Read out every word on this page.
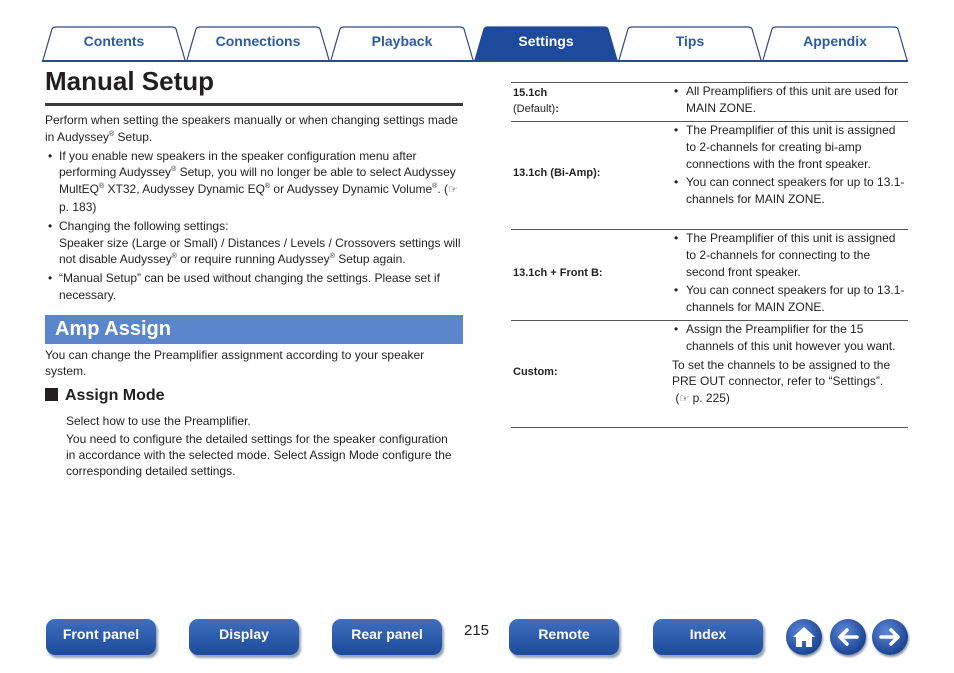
Contents	Connections	Playback	Settings	Tips	Appendix
Manual Setup

Perform when setting the speakers manually or when changing settings made in Audyssey® Setup.

• If you enable new speakers in the speaker configuration menu after performing Audyssey® Setup, you will no longer be able to select Audyssey MultEQ® XT32, Audyssey Dynamic EQ® or Audyssey Dynamic Volume®. (☞ p. 183)
• Changing the following settings:
Speaker size (Large or Small) / Distances / Levels / Crossovers settings will not disable Audyssey® or require running Audyssey® Setup again.
• “Manual Setup” can be used without changing the settings. Please set if necessary.
Amp Assign

You can change the Preamplifier assignment according to your speaker system.

Assign Mode

Select how to use the Preamplifier.

You need to configure the detailed settings for the speaker configuration in accordance with the selected mode. Select Assign Mode configure the corresponding detailed settings.

15.1ch
(Default):
• All Preamplifiers of this unit are used for MAIN ZONE.
13.1ch (Bi-Amp):
• The Preamplifier of this unit is assigned to 2-channels for creating bi-amp connections with the front speaker.
• You can connect speakers for up to 13.1-channels for MAIN ZONE.
13.1ch + Front B:
• The Preamplifier of this unit is assigned to 2-channels for connecting to the second front speaker.
• You can connect speakers for up to 13.1-channels for MAIN ZONE.
Custom:
• Assign the Preamplifier for the 15 channels of this unit however you want.

To set the channels to be assigned to the PRE OUT connector, refer to “Settings”.
(☞ p. 225)

Front panel	Display	Rear panel	215	Remote	Index
